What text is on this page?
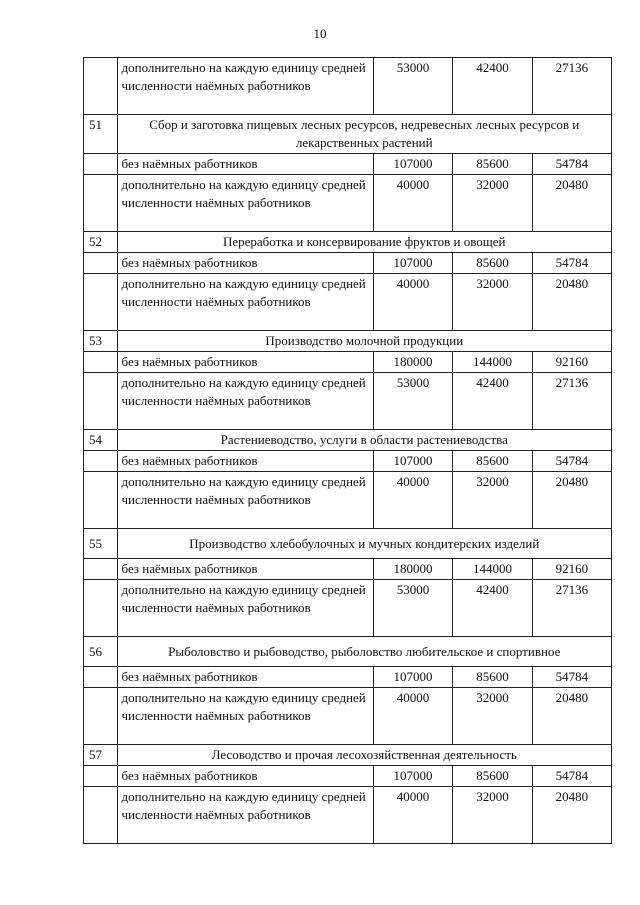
10
	дополнительно на каждую единицу средней численности наёмных работников	53000	42400	27136
51	Сбор и заготовка пищевых лесных ресурсов, недревесных лесных ресурсов и лекарственных растений			
	без наёмных работников	107000	85600	54784
	дополнительно на каждую единицу средней численности наёмных работников	40000	32000	20480
52	Переработка и консервирование фруктов и овощей			
	без наёмных работников	107000	85600	54784
	дополнительно на каждую единицу средней численности наёмных работников	40000	32000	20480
53	Производство молочной продукции			
	без наёмных работников	180000	144000	92160
	дополнительно на каждую единицу средней численности наёмных работников	53000	42400	27136
54	Растениеводство, услуги в области растениеводства			
	без наёмных работников	107000	85600	54784
	дополнительно на каждую единицу средней численности наёмных работников	40000	32000	20480
55	Производство хлебобулочных и мучных кондитерских изделий			
	без наёмных работников	180000	144000	92160
	дополнительно на каждую единицу средней численности наёмных работников	53000	42400	27136
56	Рыболовство и рыбоводство, рыболовство любительское и спортивное			
	без наёмных работников	107000	85600	54784
	дополнительно на каждую единицу средней численности наёмных работников	40000	32000	20480
57	Лесоводство и прочая лесохозяйственная деятельность			
	без наёмных работников	107000	85600	54784
	дополнительно на каждую единицу средней численности наёмных работников	40000	32000	20480
